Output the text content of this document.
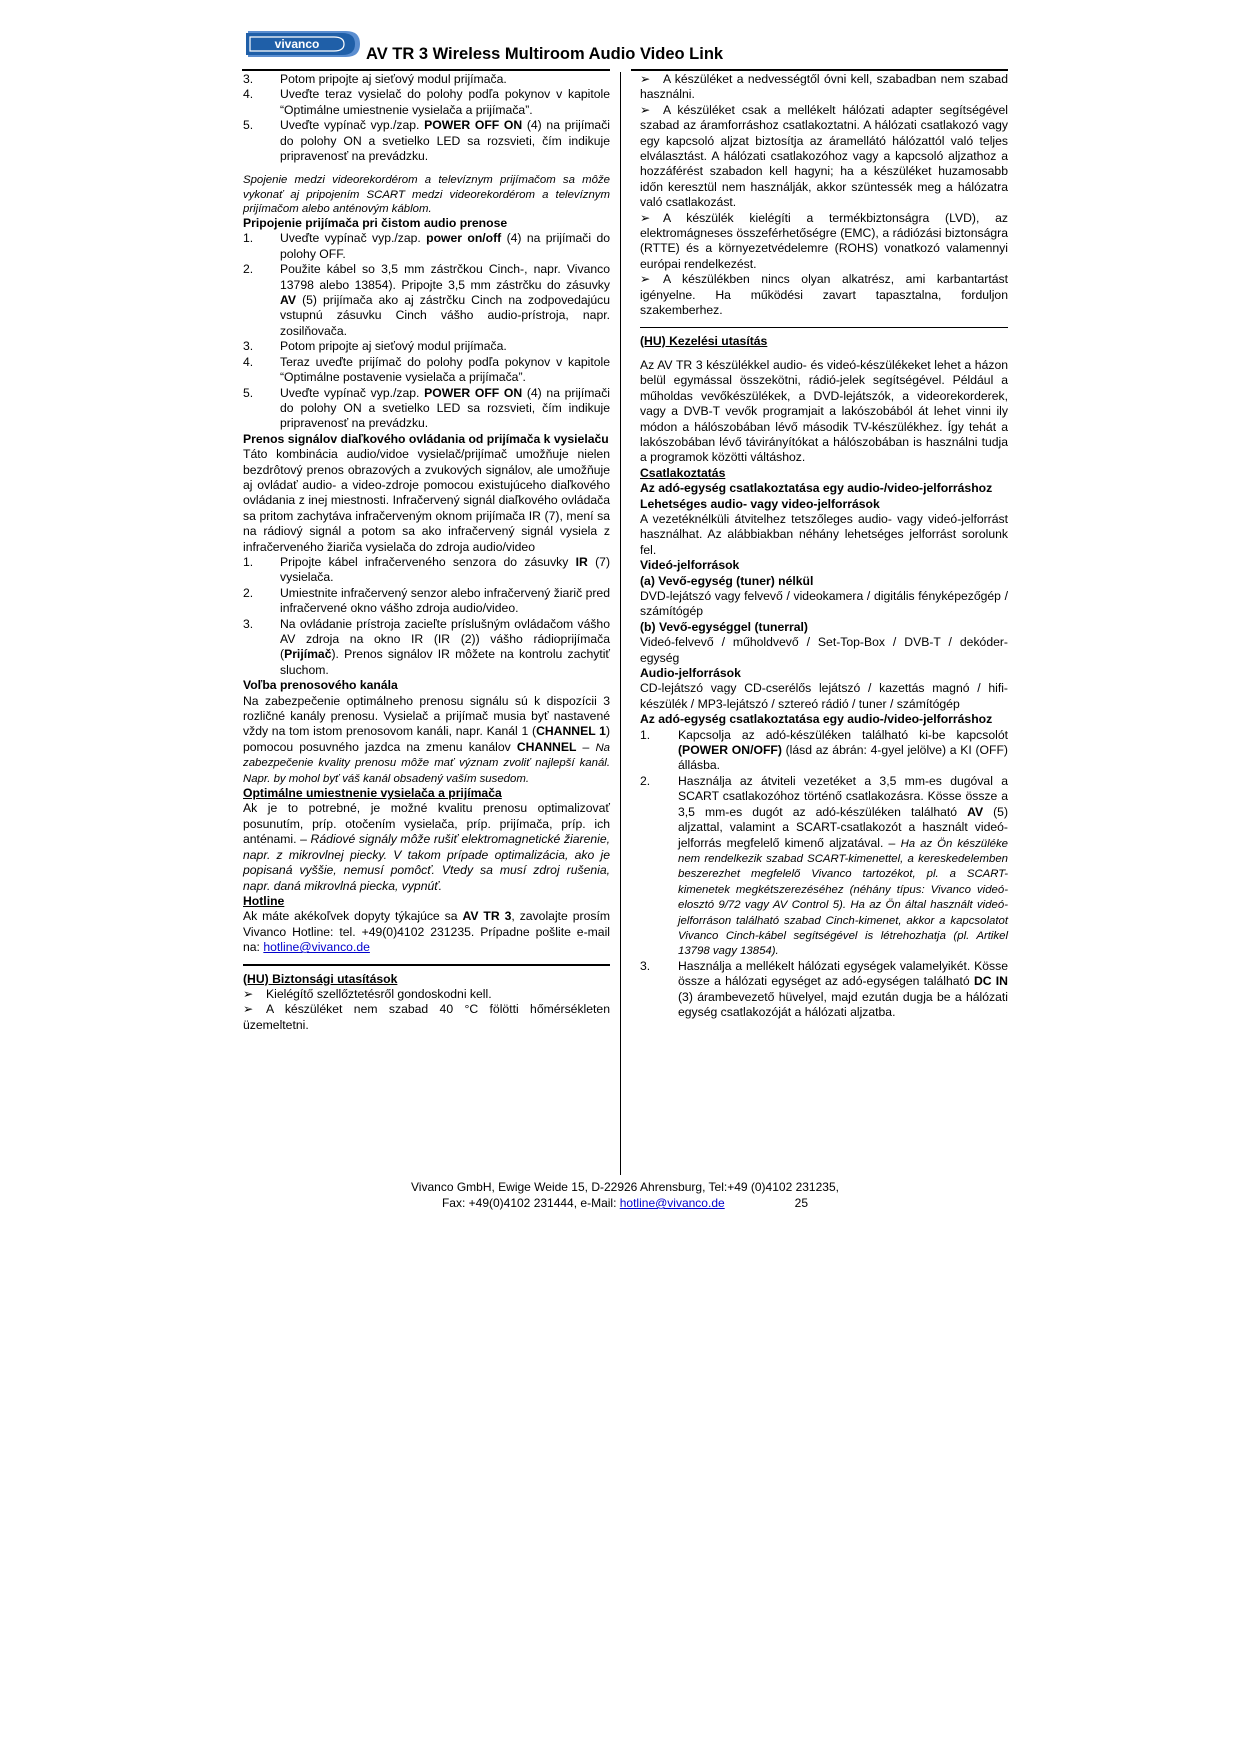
vivanco
AV TR 3 Wireless Multiroom Audio Video Link
3. Potom pripojte aj sieťový modul prijímača.
4. Uveďte teraz vysielač do polohy podľa pokynov v kapitole “Optimálne umiestnenie vysielača a prijímača”.
5. Uveďte vypínač vyp./zap. POWER OFF ON (4) na prijímači do polohy ON a svetielko LED sa rozsvieti, čím indikuje pripravenosť na prevádzku.

Spojenie medzi videorekordérom a televíznym prijímačom sa môže vykonať aj pripojením SCART medzi videorekordérom a televíznym prijímačom alebo anténovým káblom.

Pripojenie prijímača pri čistom audio prenose

1. Uveďte vypínač vyp./zap. power on/off (4) na prijímači do polohy OFF.
2. Použite kábel so 3,5 mm zástrčkou Cinch-, napr. Vivanco 13798 alebo 13854). Pripojte 3,5 mm zástrčku do zásuvky AV (5) prijímača ako aj zástrčku Cinch na zodpovedajúcu vstupnú zásuvku Cinch vášho audio-prístroja, napr. zosilňovača.
3. Potom pripojte aj sieťový modul prijímača.
4. Teraz uveďte prijímač do polohy podľa pokynov v kapitole “Optimálne postavenie vysielača a prijímača”.
5. Uveďte vypínač vyp./zap. POWER OFF ON (4) na prijímači do polohy ON a svetielko LED sa rozsvieti, čím indikuje pripravenosť na prevádzku.

Prenos signálov diaľkového ovládania od prijímača k vysielaču

Táto kombinácia audio/vidoe vysielač/prijímač umožňuje nielen bezdrôtový prenos obrazových a zvukových signálov, ale umožňuje aj ovládať audio- a video-zdroje pomocou existujúceho diaľkového ovládania z inej miestnosti. Infračervený signál diaľkového ovládača sa pritom zachytáva infračerveným oknom prijímača IR (7), mení sa na rádiový signál a potom sa ako infračervený signál vysiela z infračerveného žiariča vysielača do zdroja audio/video

1. Pripojte kábel infračerveného senzora do zásuvky IR (7) vysielača.
2. Umiestnite infračervený senzor alebo infračervený žiarič pred infračervené okno vášho zdroja audio/video.
3. Na ovládanie prístroja zacieľte príslušným ovládačom vášho AV zdroja na okno IR (IR (2)) vášho rádioprijímača (Prijímač). Prenos signálov IR môžete na kontrolu zachytiť sluchom.

Voľba prenosového kanála

Na zabezpečenie optimálneho prenosu signálu sú k dispozícii 3 rozličné kanály prenosu. Vysielač a prijímač musia byť nastavené vždy na tom istom prenosovom kanáli, napr. Kanál 1 (CHANNEL 1) pomocou posuvného jazdca na zmenu kanálov CHANNEL – Na zabezpečenie kvality prenosu môže mať význam zvoliť najlepší kanál. Napr. by mohol byť váš kanál obsadený vaším susedom.

Optimálne umiestnenie vysielača a prijímača

Ak je to potrebné, je možné kvalitu prenosu optimalizovať posunutím, príp. otočením vysielača, príp. prijímača, príp. ich anténami. – Rádiové signály môže rušiť elektromagnetické žiarenie, napr. z mikrovlnej piecky. V takom prípade optimalizácia, ako je popisaná vyššie, nemusí pomôcť. Vtedy sa musí zdroj rušenia, napr. daná mikrovlná piecka, vypnúť.

Hotline

Ak máte akékoľvek dopyty týkajúce sa AV TR 3, zavolajte prosím Vivanco Hotline: tel. +49(0)4102 231235. Prípadne pošlite e-mail na: hotline@vivanco.de

(HU) Biztonsági utasítások

➢ Kielégítő szellőztetésről gondoskodni kell.

➢ A készüléket nem szabad 40 °C fölötti hőmérsékleten üzemeltetni.

➢ A készüléket a nedvességtől óvni kell, szabadban nem szabad használni.

➢ A készüléket csak a mellékelt hálózati adapter segítségével szabad az áramforráshoz csatlakoztatni. A hálózati csatlakozó vagy egy kapcsoló aljzat biztosítja az áramellátó hálózattól való teljes elválasztást. A hálózati csatlakozóhoz vagy a kapcsoló aljzathoz a hozzáférést szabadon kell hagyni; ha a készüléket huzamosabb időn keresztül nem használják, akkor szüntessék meg a hálózatra való csatlakozást.

➢ A készülék kielégíti a termékbiztonságra (LVD), az elektromágneses összeférhetőségre (EMC), a rádiózási biztonságra (RTTE) és a környezetvédelemre (ROHS) vonatkozó valamennyi európai rendelkezést.

➢ A készülékben nincs olyan alkatrész, ami karbantartást igényelne. Ha működési zavart tapasztalna, forduljon szakemberhez.

(HU) Kezelési utasítás

Az AV TR 3 készülékkel audio- és videó-készülékeket lehet a házon belül egymással összekötni, rádió-jelek segítségével. Például a műholdas vevőkészülékek, a DVD-lejátszók, a videorekorderek, vagy a DVB-T vevők programjait a lakószobából át lehet vinni ily módon a hálószobában lévő második TV-készülékhez. Így tehát a lakószobában lévő távirányítókat a hálószobában is használni tudja a programok közötti váltáshoz.

Csatlakoztatás

Az adó-egység csatlakoztatása egy audio-/video-jelforráshoz

Lehetséges audio- vagy video-jelforrások

A vezetéknélküli átvitelhez tetszőleges audio- vagy videó-jelforrást használhat. Az alábbiakban néhány lehetséges jelforrást sorolunk fel.

Videó-jelforrások

(a) Vevő-egység (tuner) nélkül

DVD-lejátszó vagy felvevő / videokamera / digitális fényképezőgép / számítógép

(b) Vevő-egységgel (tunerral)

Videó-felvevő / műholdvevő / Set-Top-Box / DVB-T / dekóder-egység

Audio-jelforrások

CD-lejátszó vagy CD-cserélős lejátszó / kazettás magnó / hifi-készülék / MP3-lejátszó / sztereó rádió / tuner / számítógép

Az adó-egység csatlakoztatása egy audio-/video-jelforráshoz

1. Kapcsolja az adó-készüléken található ki-be kapcsolót (POWER ON/OFF) (lásd az ábrán: 4-gyel jelölve) a KI (OFF) állásba.
2. Használja az átviteli vezetéket a 3,5 mm-es dugóval a SCART csatlakozóhoz történő csatlakozásra. Kösse össze a 3,5 mm-es dugót az adó-készüléken található AV (5) aljzattal, valamint a SCART-csatlakozót a használt videó-jelforrás megfelelő kimenő aljzatával. – Ha az Ön készüléke nem rendelkezik szabad SCART-kimenettel, a kereskedelemben beszerezhet megfelelő Vivanco tartozékot, pl. a SCART-kimenetek megkétszerezéséhez (néhány típus: Vivanco videó-elosztó 9/72 vagy AV Control 5). Ha az Ön által használt videó-jelforráson található szabad Cinch-kimenet, akkor a kapcsolatot Vivanco Cinch-kábel segítségével is létrehozhatja (pl. Artikel 13798 vagy 13854).
3. Használja a mellékelt hálózati egységek valamelyikét. Kösse össze a hálózati egységet az adó-egységen található DC IN (3) árambevezető hüvelyel, majd ezután dugja be a hálózati egység csatlakozóját a hálózati aljzatba.
Vivanco GmbH, Ewige Weide 15, D-22926 Ahrensburg, Tel:+49 (0)4102 231235,
Fax: +49(0)4102 231444, e-Mail: hotline@vivanco.de	25
